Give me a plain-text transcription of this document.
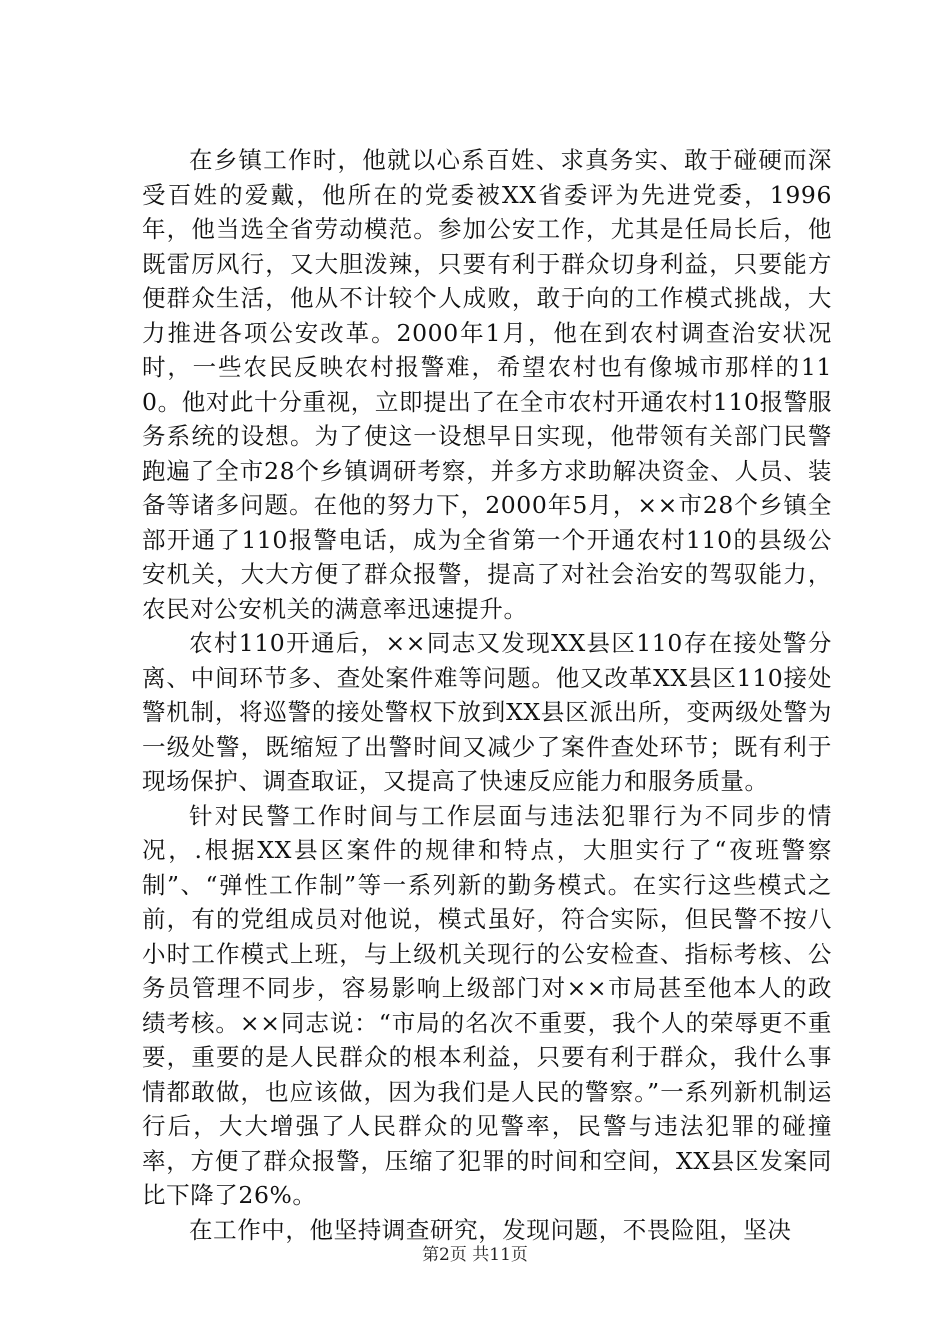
在乡镇工作时，他就以心系百姓、求真务实、敢于碰硬而深受百姓的爱戴，他所在的党委被XX省委评为先进党委，1996年，他当选全省劳动模范。参加公安工作，尤其是任局长后，他既雷厉风行，又大胆泼辣，只要有利于群众切身利益，只要能方便群众生活，他从不计较个人成败，敢于向的工作模式挑战，大力推进各项公安改革。2000年1月，他在到农村调查治安状况时，一些农民反映农村报警难，希望农村也有像城市那样的110。他对此十分重视，立即提出了在全市农村开通农村110报警服务系统的设想。为了使这一设想早日实现，他带领有关部门民警跑遍了全市28个乡镇调研考察，并多方求助解决资金、人员、装备等诸多问题。在他的努力下，2000年5月，××市28个乡镇全部开通了110报警电话，成为全省第一个开通农村110的县级公安机关，大大方便了群众报警，提高了对社会治安的驾驭能力，农民对公安机关的满意率迅速提升。

农村110开通后，××同志又发现XX县区110存在接处警分离、中间环节多、查处案件难等问题。他又改革XX县区110接处警机制，将巡警的接处警权下放到XX县区派出所，变两级处警为一级处警，既缩短了出警时间又减少了案件查处环节；既有利于现场保护、调查取证，又提高了快速反应能力和服务质量。

针对民警工作时间与工作层面与违法犯罪行为不同步的情况，.根据XX县区案件的规律和特点，大胆实行了“夜班警察制”、“弹性工作制”等一系列新的勤务模式。在实行这些模式之前，有的党组成员对他说，模式虽好，符合实际，但民警不按八小时工作模式上班，与上级机关现行的公安检查、指标考核、公务员管理不同步，容易影响上级部门对××市局甚至他本人的政绩考核。××同志说：“市局的名次不重要，我个人的荣辱更不重要，重要的是人民群众的根本利益，只要有利于群众，我什么事情都敢做，也应该做，因为我们是人民的警察。”一系列新机制运行后，大大增强了人民群众的见警率，民警与违法犯罪的碰撞率，方便了群众报警，压缩了犯罪的时间和空间，XX县区发案同比下降了26%。

在工作中，他坚持调查研究，发现问题，不畏险阻，坚决

第2页 共11页
